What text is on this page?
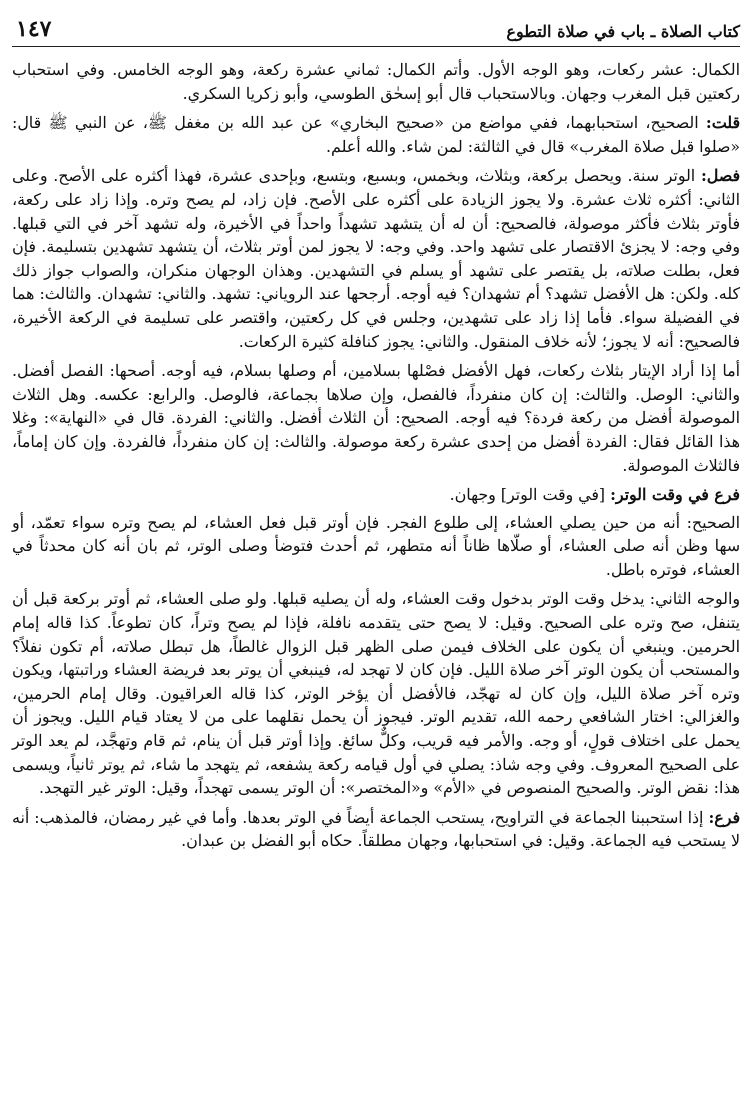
كتاب الصلاة ـ باب في صلاة التطوع
١٤٧

الكمال: عشر ركعات، وهو الوجه الأول. وأتم الكمال: ثماني عشرة ركعة، وهو الوجه الخامس. وفي استحباب ركعتين قبل المغرب وجهان. وبالاستحباب قال أبو إسحٰق الطوسي، وأبو زكريا السكري.

قلت: الصحيح، استحبابهما، ففي مواضع من «صحيح البخاري» عن عبد الله بن مغفل ﷺ، عن النبي ﷺ قال: «صلوا قبل صلاة المغرب» قال في الثالثة: لمن شاء. والله أعلم.

فصل: الوتر سنة. ويحصل بركعة، وبثلاث، وبخمس، وبسبع، وبتسع، وبإحدى عشرة، فهذا أكثره على الأصح. وعلى الثاني: أكثره ثلاث عشرة. ولا يجوز الزيادة على أكثره على الأصح. فإن زاد، لم يصح وتره. وإذا زاد على ركعة، فأوتر بثلاث فأكثر موصولة، فالصحيح: أن له أن يتشهد تشهداً واحداً في الأخيرة، وله تشهد آخر في التي قبلها. وفي وجه: لا يجزئ الاقتصار على تشهد واحد. وفي وجه: لا يجوز لمن أوتر بثلاث، أن يتشهد تشهدين بتسليمة. فإن فعل، بطلت صلاته، بل يقتصر على تشهد أو يسلم في التشهدين. وهذان الوجهان منكران، والصواب جواز ذلك كله. ولكن: هل الأفضل تشهد؟ أم تشهدان؟ فيه أوجه. أرجحها عند الروياني: تشهد. والثاني: تشهدان. والثالث: هما في الفضيلة سواء. فأما إذا زاد على تشهدين، وجلس في كل ركعتين، واقتصر على تسليمة في الركعة الأخيرة، فالصحيح: أنه لا يجوز؛ لأنه خلاف المنقول. والثاني: يجوز كنافلة كثيرة الركعات.

أما إذا أراد الإيتار بثلاث ركعات، فهل الأفضل فصْلها بسلامين، أم وصلها بسلام، فيه أوجه. أصحها: الفصل أفضل. والثاني: الوصل. والثالث: إن كان منفرداً، فالفصل، وإن صلاها بجماعة، فالوصل. والرابع: عكسه. وهل الثلاث الموصولة أفضل من ركعة فردة؟ فيه أوجه. الصحيح: أن الثلاث أفضل. والثاني: الفردة. قال في «النهاية»: وغلا هذا القائل فقال: الفردة أفضل من إحدى عشرة ركعة موصولة. والثالث: إن كان منفرداً، فالفردة. وإن كان إماماً، فالثلاث الموصولة.

فرع في وقت الوتر: [في وقت الوتر] وجهان.

الصحيح: أنه من حين يصلي العشاء، إلى طلوع الفجر. فإن أوتر قبل فعل العشاء، لم يصح وتره سواء تعمّد، أو سها وظن أنه صلى العشاء، أو صلّاها ظاناً أنه متطهر، ثم أحدث فتوضأ وصلى الوتر، ثم بان أنه كان محدثاً في العشاء، فوتره باطل.

والوجه الثاني: يدخل وقت الوتر بدخول وقت العشاء، وله أن يصليه قبلها. ولو صلى العشاء، ثم أوتر بركعة قبل أن يتنفل، صح وتره على الصحيح. وقيل: لا يصح حتى يتقدمه نافلة، فإذا لم يصح وتراً، كان تطوعاً. كذا قاله إمام الحرمين. وينبغي أن يكون على الخلاف فيمن صلى الظهر قبل الزوال غالطاً، هل تبطل صلاته، أم تكون نفلاً؟ والمستحب أن يكون الوتر آخر صلاة الليل. فإن كان لا تهجد له، فينبغي أن يوتر بعد فريضة العشاء وراتبتها، ويكون وتره آخر صلاة الليل، وإن كان له تهجّد، فالأفضل أن يؤخر الوتر، كذا قاله العراقيون. وقال إمام الحرمين، والغزالي: اختار الشافعي رحمه الله، تقديم الوتر. فيجوز أن يحمل نقلهما على من لا يعتاد قيام الليل. ويجوز أن يحمل على اختلاف قولٍ، أو وجه. والأمر فيه قريب، وكلٌّ سائغ. وإذا أوتر قبل أن ينام، ثم قام وتهجَّد، لم يعد الوتر على الصحيح المعروف. وفي وجه شاذ: يصلي في أول قيامه ركعة يشفعه، ثم يتهجد ما شاء، ثم يوتر ثانياً، ويسمى هذا: نقض الوتر. والصحيح المنصوص في «الأم» و«المختصر»: أن الوتر يسمى تهجداً، وقيل: الوتر غير التهجد.

فرع: إذا استحببنا الجماعة في التراويح، يستحب الجماعة أيضاً في الوتر بعدها. وأما في غير رمضان، فالمذهب: أنه لا يستحب فيه الجماعة. وقيل: في استحبابها، وجهان مطلقاً. حكاه أبو الفضل بن عبدان.
